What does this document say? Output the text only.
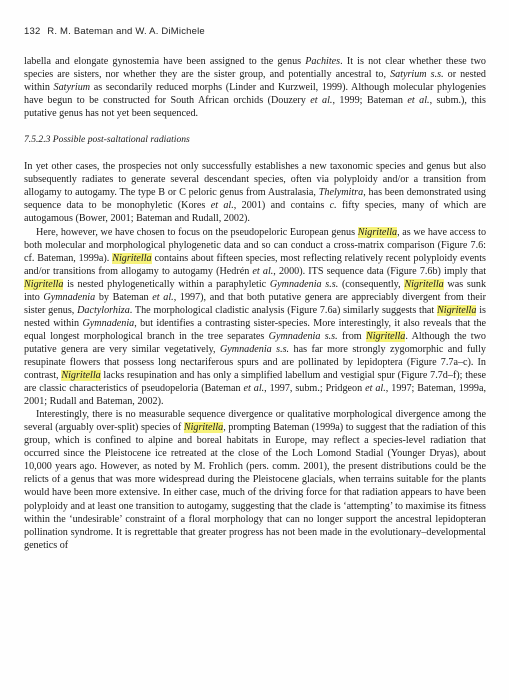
132 R. M. Bateman and W. A. DiMichele

labella and elongate gynostemia have been assigned to the genus Pachites. It is not clear whether these two species are sisters, nor whether they are the sister group, and potentially ancestral to, Satyrium s.s. or nested within Satyrium as secondarily reduced morphs (Linder and Kurzweil, 1999). Although molecular phylogenies have begun to be constructed for South African orchids (Douzery et al., 1999; Bateman et al., subm.), this putative genus has not yet been sequenced.

7.5.2.3 Possible post-saltational radiations

In yet other cases, the prospecies not only successfully establishes a new taxonomic species and genus but also subsequently radiates to generate several descendant species, often via polyploidy and/or a transition from allogamy to autogamy. The type B or C peloric genus from Australasia, Thelymitra, has been demonstrated using sequence data to be monophyletic (Kores et al., 2001) and contains c. fifty species, many of which are autogamous (Bower, 2001; Bateman and Rudall, 2002).

Here, however, we have chosen to focus on the pseudopeloric European genus Nigritella, as we have access to both molecular and morphological phylogenetic data and so can conduct a cross-matrix comparison (Figure 7.6: cf. Bateman, 1999a). Nigritella contains about fifteen species, most reflecting relatively recent polyploidy events and/or transitions from allogamy to autogamy (Hedrén et al., 2000). ITS sequence data (Figure 7.6b) imply that Nigritella is nested phylogenetically within a paraphyletic Gymnadenia s.s. (consequently, Nigritella was sunk into Gymnadenia by Bateman et al., 1997), and that both putative genera are appreciably divergent from their sister genus, Dactylorhiza. The morphological cladistic analysis (Figure 7.6a) similarly suggests that Nigritella is nested within Gymnadenia, but identifies a contrasting sister-species. More interestingly, it also reveals that the equal longest morphological branch in the tree separates Gymnadenia s.s. from Nigritella. Although the two putative genera are very similar vegetatively, Gymnadenia s.s. has far more strongly zygomorphic and fully resupinate flowers that possess long nectariferous spurs and are pollinated by lepidoptera (Figure 7.7a–c). In contrast, Nigritella lacks resupination and has only a simplified labellum and vestigial spur (Figure 7.7d–f); these are classic characteristics of pseudopeloria (Bateman et al., 1997, subm.; Pridgeon et al., 1997; Bateman, 1999a, 2001; Rudall and Bateman, 2002).

Interestingly, there is no measurable sequence divergence or qualitative morphological divergence among the several (arguably over-split) species of Nigritella, prompting Bateman (1999a) to suggest that the radiation of this group, which is confined to alpine and boreal habitats in Europe, may reflect a species-level radiation that occurred since the Pleistocene ice retreated at the close of the Loch Lomond Stadial (Younger Dryas), about 10,000 years ago. However, as noted by M. Frohlich (pers. comm. 2001), the present distributions could be the relicts of a genus that was more widespread during the Pleistocene glacials, when terrains suitable for the plants would have been more extensive. In either case, much of the driving force for that radiation appears to have been polyploidy and at least one transition to autogamy, suggesting that the clade is ‘attempting’ to maximise its fitness within the ‘undesirable’ constraint of a floral morphology that can no longer support the ancestral lepidopteran pollination syndrome. It is regrettable that greater progress has not been made in the evolutionary–developmental genetics of
